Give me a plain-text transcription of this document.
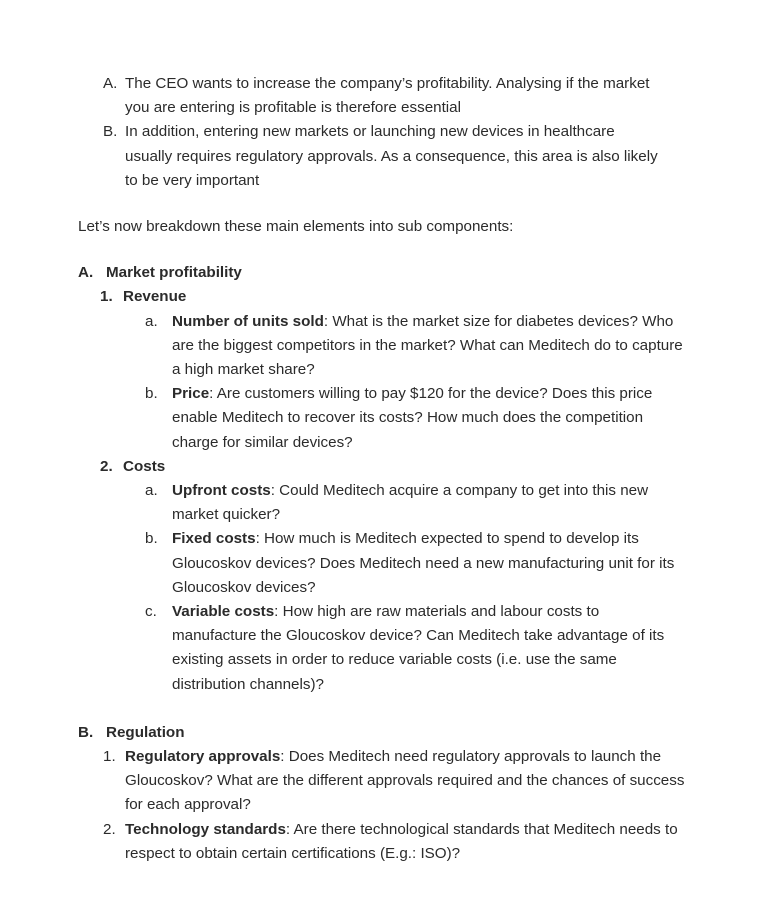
A. The CEO wants to increase the company’s profitability. Analysing if the market you are entering is profitable is therefore essential
B. In addition, entering new markets or launching new devices in healthcare usually requires regulatory approvals. As a consequence, this area is also likely to be very important

Let’s now breakdown these main elements into sub components:

A. Market profitability
1. Revenue
a. Number of units sold: What is the market size for diabetes devices? Who are the biggest competitors in the market? What can Meditech do to capture a high market share?
b. Price: Are customers willing to pay $120 for the device? Does this price enable Meditech to recover its costs? How much does the competition charge for similar devices?
2. Costs
a. Upfront costs: Could Meditech acquire a company to get into this new market quicker?
b. Fixed costs: How much is Meditech expected to spend to develop its Gloucoskov devices? Does Meditech need a new manufacturing unit for its Gloucoskov devices?
c. Variable costs: How high are raw materials and labour costs to manufacture the Gloucoskov device? Can Meditech take advantage of its existing assets in order to reduce variable costs (i.e. use the same distribution channels)?
B. Regulation
1. Regulatory approvals: Does Meditech need regulatory approvals to launch the Gloucoskov? What are the different approvals required and the chances of success for each approval?
2. Technology standards: Are there technological standards that Meditech needs to respect to obtain certain certifications (E.g.: ISO)?
